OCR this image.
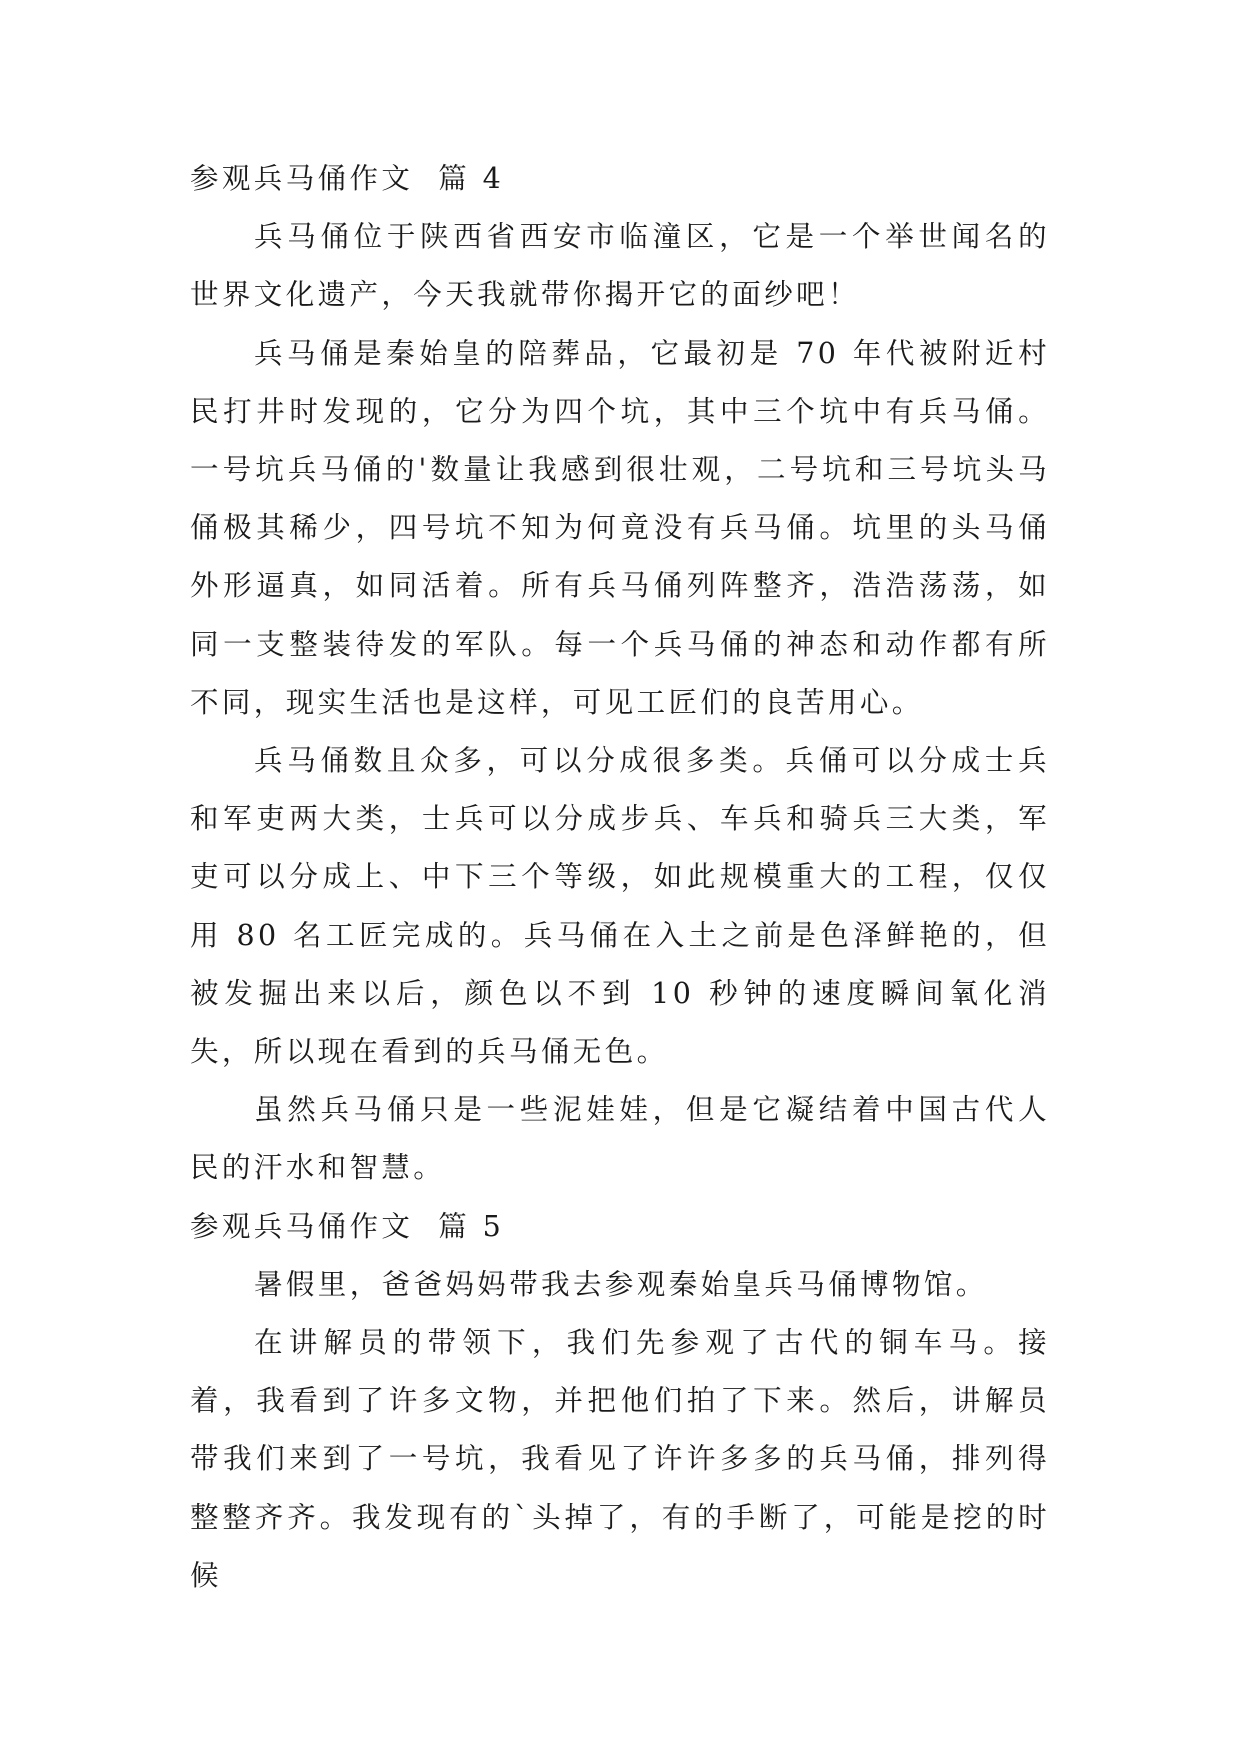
参观兵马俑作文  篇 4

兵马俑位于陕西省西安市临潼区，它是一个举世闻名的世界文化遗产，今天我就带你揭开它的面纱吧！

兵马俑是秦始皇的陪葬品，它最初是 70 年代被附近村民打井时发现的，它分为四个坑，其中三个坑中有兵马俑。一号坑兵马俑的'数量让我感到很壮观，二号坑和三号坑头马俑极其稀少，四号坑不知为何竟没有兵马俑。坑里的头马俑外形逼真，如同活着。所有兵马俑列阵整齐，浩浩荡荡，如同一支整装待发的军队。每一个兵马俑的神态和动作都有所不同，现实生活也是这样，可见工匠们的良苦用心。

兵马俑数且众多，可以分成很多类。兵俑可以分成士兵和军吏两大类，士兵可以分成步兵、车兵和骑兵三大类，军吏可以分成上、中下三个等级，如此规模重大的工程，仅仅用 80 名工匠完成的。兵马俑在入土之前是色泽鲜艳的，但被发掘出来以后，颜色以不到 10 秒钟的速度瞬间氧化消失，所以现在看到的兵马俑无色。

虽然兵马俑只是一些泥娃娃，但是它凝结着中国古代人民的汗水和智慧。

参观兵马俑作文  篇 5

暑假里，爸爸妈妈带我去参观秦始皇兵马俑博物馆。

在讲解员的带领下，我们先参观了古代的铜车马。接着，我看到了许多文物，并把他们拍了下来。然后，讲解员带我们来到了一号坑，我看见了许许多多的兵马俑，排列得整整齐齐。我发现有的`头掉了，有的手断了，可能是挖的时候
